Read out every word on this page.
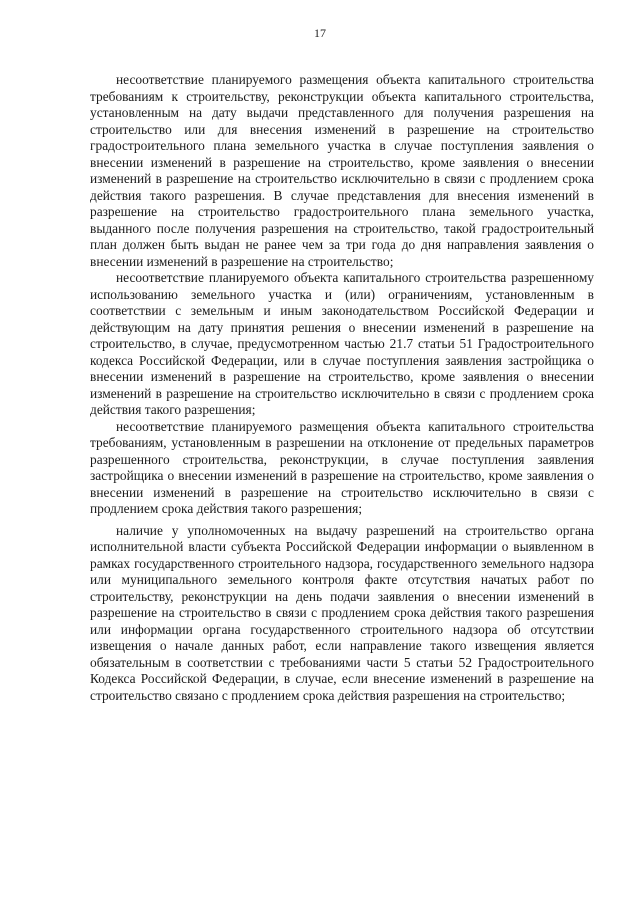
17

несоответствие планируемого размещения объекта капитального строительства требованиям к строительству, реконструкции объекта капитального строительства, установленным на дату выдачи представленного для получения разрешения на строительство или для внесения изменений в разрешение на строительство градостроительного плана земельного участка в случае поступления заявления о внесении изменений в разрешение на строительство, кроме заявления о внесении изменений в разрешение на строительство исключительно в связи с продлением срока действия такого разрешения. В случае представления для внесения изменений в разрешение на строительство градостроительного плана земельного участка, выданного после получения разрешения на строительство, такой градостроительный план должен быть выдан не ранее чем за три года до дня направления заявления о внесении изменений в разрешение на строительство;

несоответствие планируемого объекта капитального строительства разрешенному использованию земельного участка и (или) ограничениям, установленным в соответствии с земельным и иным законодательством Российской Федерации и действующим на дату принятия решения о внесении изменений в разрешение на строительство, в случае, предусмотренном частью 21.7 статьи 51 Градостроительного кодекса Российской Федерации, или в случае поступления заявления застройщика о внесении изменений в разрешение на строительство, кроме заявления о внесении изменений в разрешение на строительство исключительно в связи с продлением срока действия такого разрешения;

несоответствие планируемого размещения объекта капитального строительства требованиям, установленным в разрешении на отклонение от предельных параметров разрешенного строительства, реконструкции, в случае поступления заявления застройщика о внесении изменений в разрешение на строительство, кроме заявления о внесении изменений в разрешение на строительство исключительно в связи с продлением срока действия такого разрешения;

наличие у уполномоченных на выдачу разрешений на строительство органа исполнительной власти субъекта Российской Федерации информации о выявленном в рамках государственного строительного надзора, государственного земельного надзора или муниципального земельного контроля факте отсутствия начатых работ по строительству, реконструкции на день подачи заявления о внесении изменений в разрешение на строительство в связи с продлением срока действия такого разрешения или информации органа государственного строительного надзора об отсутствии извещения о начале данных работ, если направление такого извещения является обязательным в соответствии с требованиями части 5 статьи 52 Градостроительного Кодекса Российской Федерации, в случае, если внесение изменений в разрешение на строительство связано с продлением срока действия разрешения на строительство;
